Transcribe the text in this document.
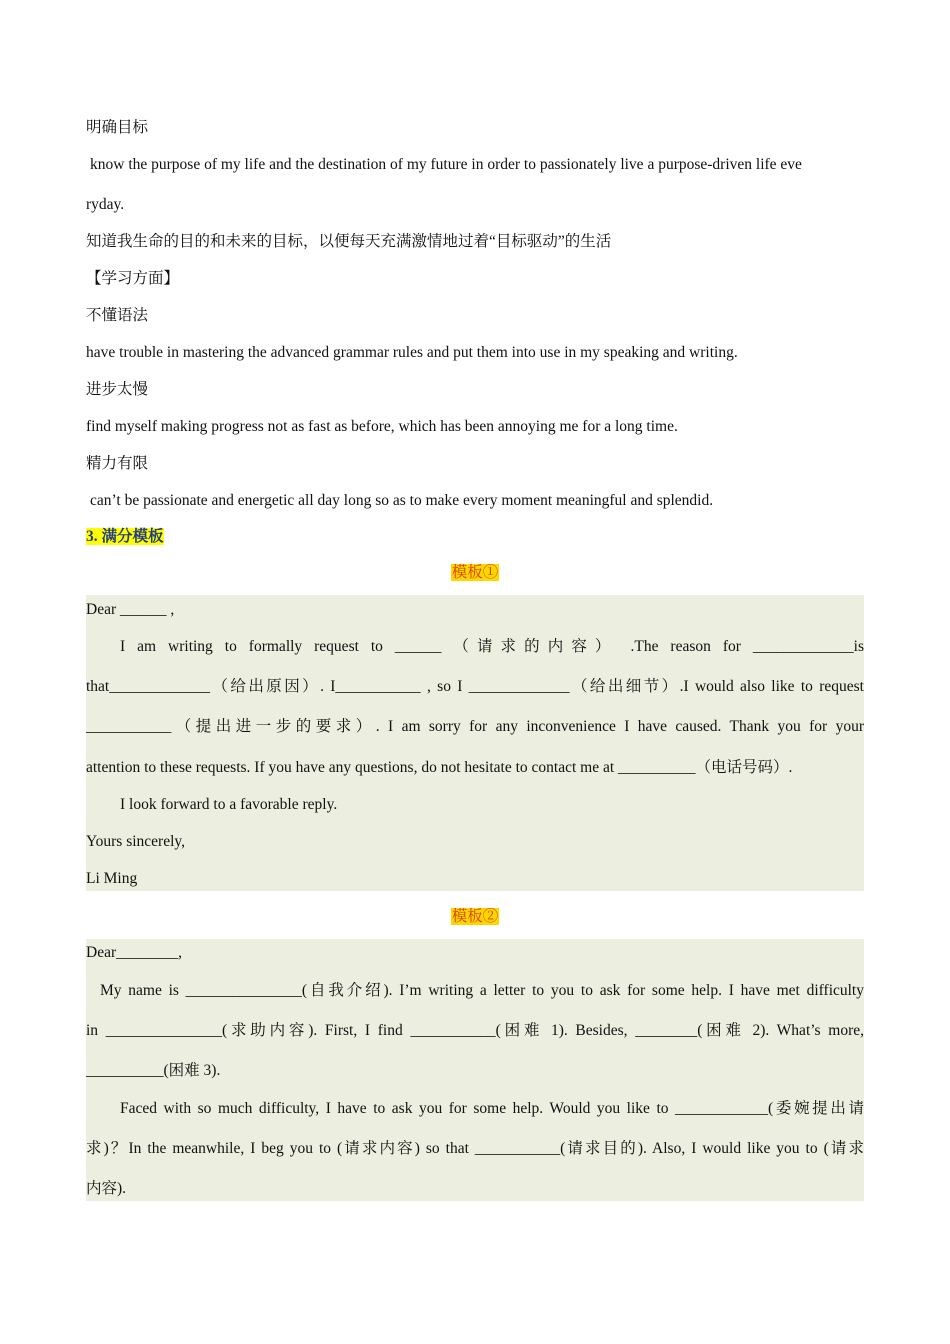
明确目标
know the purpose of my life and the destination of my future in order to passionately live a purpose-driven life eve
ryday.
知道我生命的目的和未来的目标，以便每天充满激情地过着“目标驱动”的生活
【学习方面】
不懂语法
have trouble in mastering the advanced grammar rules and put them into use in my speaking and writing.
进步太慢
find myself making progress not as fast as before, which has been annoying me for a long time.
精力有限
can’t be passionate and energetic all day long so as to make every moment meaningful and splendid.
3. 满分模板
模板①
Dear ______ ,
I am writing to formally request to ______ （请求的内容） .The reason for _____________is
that_____________（给出原因）. I___________ , so I _____________（给出细节）.I would also like to request
___________（提出进一步的要求）. I am sorry for any inconvenience I have caused. Thank you for your
attention to these requests. If you have any questions, do not hesitate to contact me at __________（电话号码）.
I look forward to a favorable reply.
Yours sincerely,
Li Ming
模板②
Dear________,
My name is _______________(自我介绍). I’m writing a letter to you to ask for some help. I have met difficulty
in _______________(求助内容). First, I find ___________(困难 1). Besides, ________(困难 2). What’s more,
__________(困难 3).
Faced with so much difficulty, I have to ask you for some help. Would you like to ____________(委婉提出请
求)？In the meanwhile, I beg you to (请求内容) so that ___________(请求目的). Also, I would like you to (请求
内容).
